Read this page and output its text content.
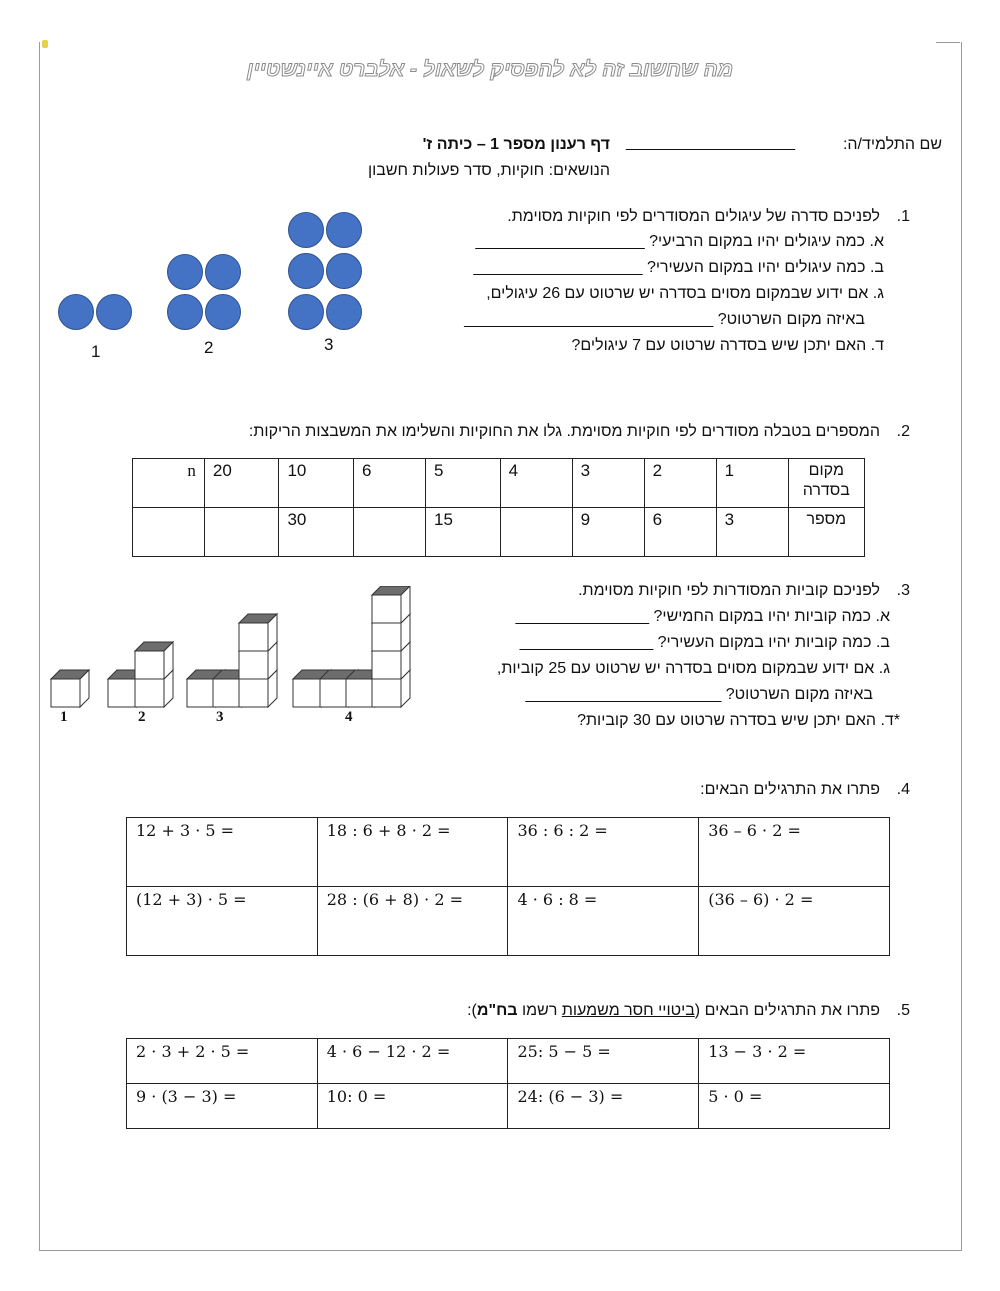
מה שחשוב זה לא להפסיק לשאול - אלברט איינשטיין
שם התלמיד/ה:
___________________
דף רענון מספר 1 – כיתה ז'
הנושאים: חוקיות, סדר פעולות חשבון
1.
לפניכם סדרה של עיגולים המסודרים לפי חוקיות מסוימת.
א. כמה עיגולים יהיו במקום הרביעי? ___________________
ב. כמה עיגולים יהיו במקום העשירי? ___________________
ג. אם ידוע שבמקום מסוים בסדרה יש שרטוט עם 26 עיגולים,
באיזה מקום השרטוט? ____________________________
ד. האם יתכן שיש בסדרה שרטוט עם 7 עיגולים?
1	2	3
2.
המספרים בטבלה מסודרים לפי חוקיות מסוימת. גלו את החוקיות והשלימו את המשבצות הריקות:
מקום בסדרה	1	2	3	4	5	6	10	20	n
מספר	3	6	9		15		30		
3.
לפניכם קוביות המסודרות לפי חוקיות מסוימת.
א. כמה קוביות יהיו במקום החמישי? _______________
ב. כמה קוביות יהיו במקום העשירי? _______________
ג. אם ידוע שבמקום מסוים בסדרה יש שרטוט עם 25 קוביות,
באיזה מקום השרטוט? ______________________
*ד. האם יתכן שיש בסדרה שרטוט עם 30 קוביות?
1	2	3	4
4.
פתרו את התרגילים הבאים:
12 + 3 · 5 =	18 : 6 + 8 · 2 =	36 : 6 : 2 =	36 – 6 · 2 =
(12 + 3) · 5 =	28 : (6 + 8) · 2 =	4 · 6 : 8 =	(36 – 6) · 2 =
5.
פתרו את התרגילים הבאים (ביטויי חסר משמעות רשמו בח"מ):
2 · 3 + 2 · 5 =	4 · 6 − 12 · 2 =	25: 5 − 5 =	13 − 3 · 2 =
9 · (3 − 3) =	10: 0 =	24: (6 − 3) =	5 · 0 =
